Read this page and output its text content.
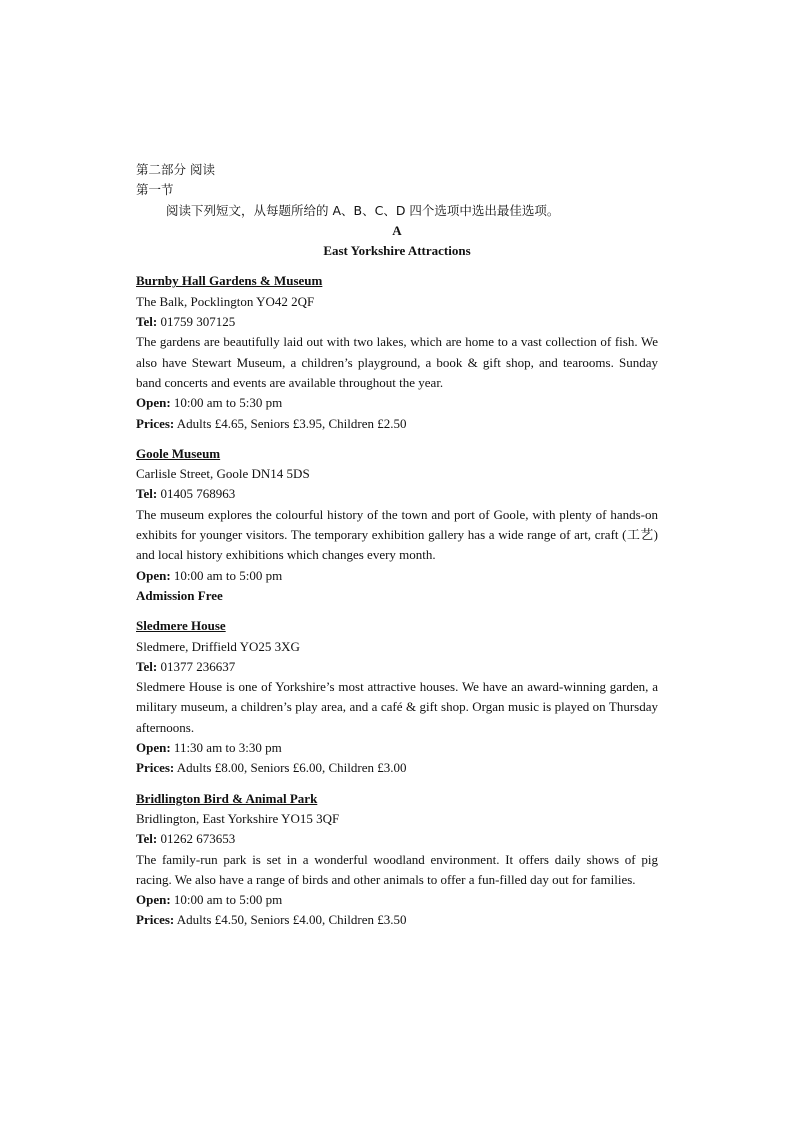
第二部分 阅读
第一节
阅读下列短文，从每题所给的 A、B、C、D 四个选项中选出最佳选项。
A
East Yorkshire Attractions
Burnby Hall Gardens & Museum
The Balk, Pocklington YO42 2QF
Tel: 01759 307125
The gardens are beautifully laid out with two lakes, which are home to a vast collection of fish. We also have Stewart Museum, a children’s playground, a book & gift shop, and tearooms. Sunday band concerts and events are available throughout the year.
Open: 10:00 am to 5:30 pm
Prices: Adults £4.65, Seniors £3.95, Children £2.50
Goole Museum
Carlisle Street, Goole DN14 5DS
Tel: 01405 768963
The museum explores the colourful history of the town and port of Goole, with plenty of hands-on exhibits for younger visitors. The temporary exhibition gallery has a wide range of art, craft (工艺) and local history exhibitions which changes every month.
Open: 10:00 am to 5:00 pm
Admission Free
Sledmere House
Sledmere, Driffield YO25 3XG
Tel: 01377 236637
Sledmere House is one of Yorkshire’s most attractive houses. We have an award-winning garden, a military museum, a children’s play area, and a café & gift shop. Organ music is played on Thursday afternoons.
Open: 11:30 am to 3:30 pm
Prices: Adults £8.00, Seniors £6.00, Children £3.00
Bridlington Bird & Animal Park
Bridlington, East Yorkshire YO15 3QF
Tel: 01262 673653
The family-run park is set in a wonderful woodland environment. It offers daily shows of pig racing. We also have a range of birds and other animals to offer a fun-filled day out for families.
Open: 10:00 am to 5:00 pm
Prices: Adults £4.50, Seniors £4.00, Children £3.50
